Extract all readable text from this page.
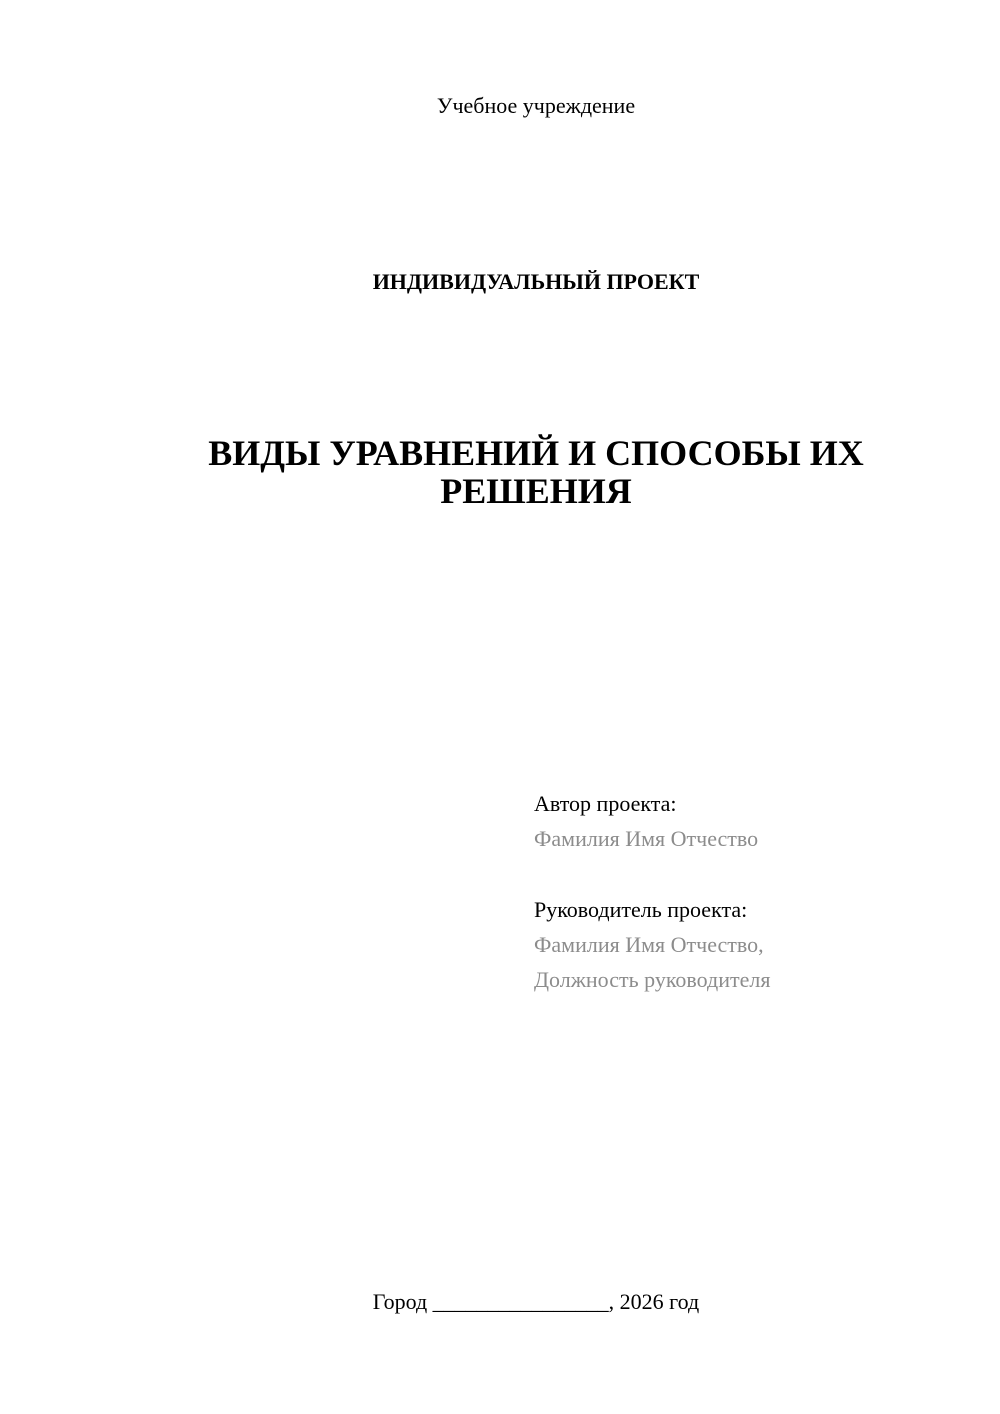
Учебное учреждение
ИНДИВИДУАЛЬНЫЙ ПРОЕКТ
ВИДЫ УРАВНЕНИЙ И СПОСОБЫ ИХ
РЕШЕНИЯ
Автор проекта:
Фамилия Имя Отчество
Руководитель проекта:
Фамилия Имя Отчество,
Должность руководителя
Город ________________, 2026 год
